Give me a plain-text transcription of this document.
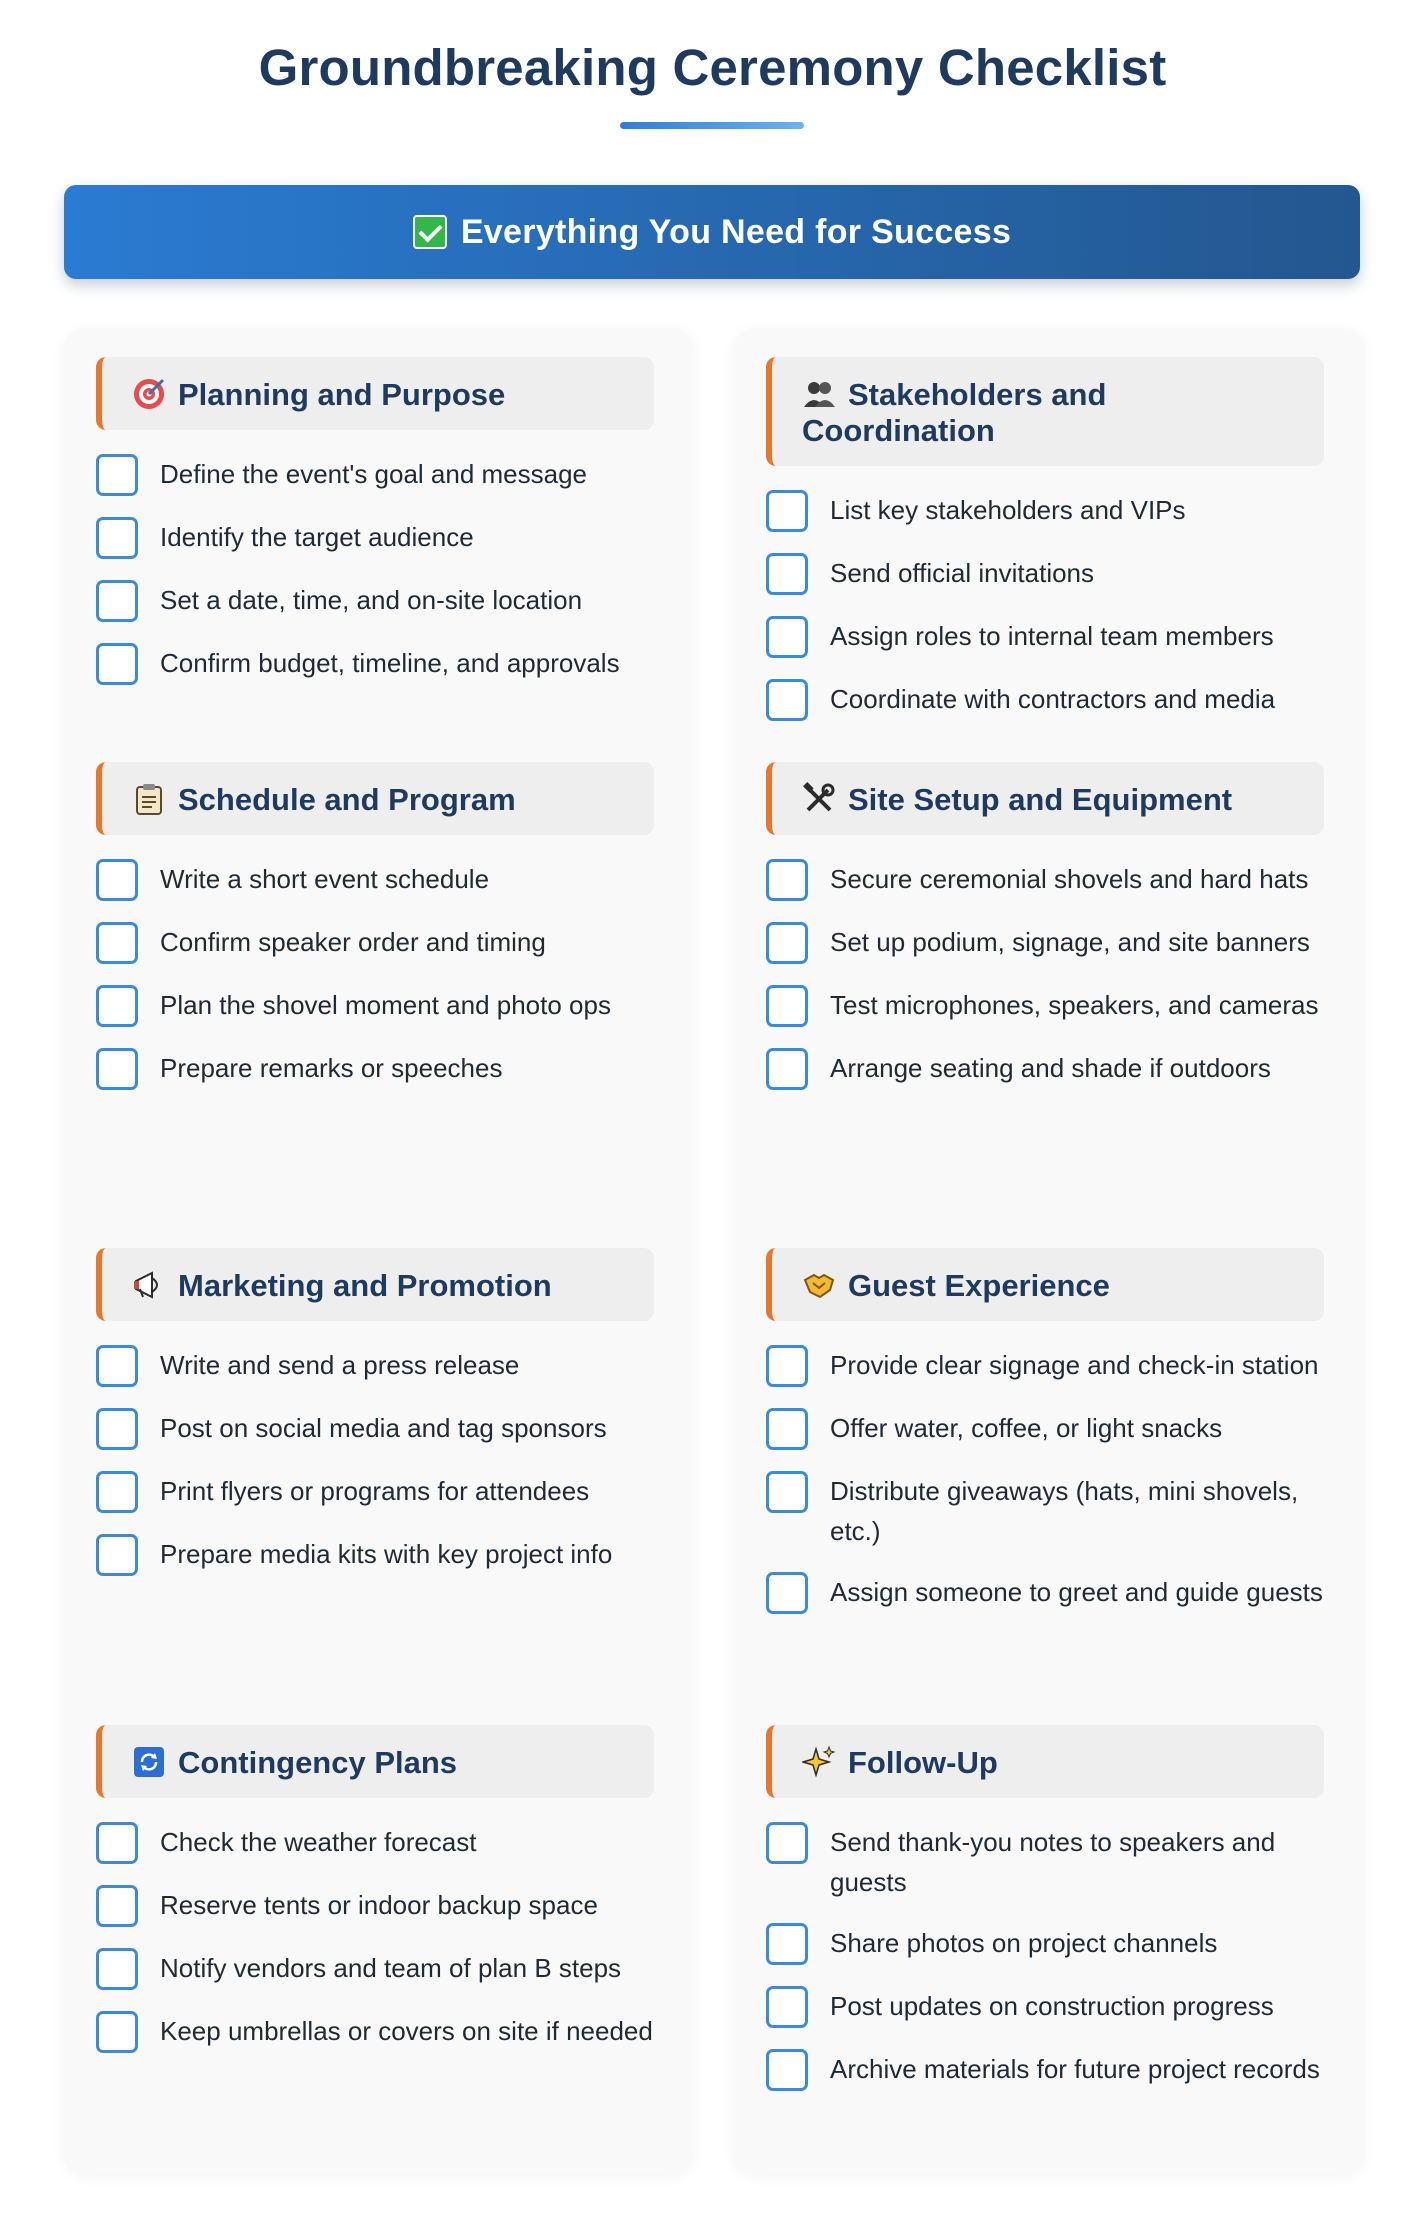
Groundbreaking Ceremony Checklist
Everything You Need for Success
Planning and Purpose
Define the event's goal and message
Identify the target audience
Set a date, time, and on-site location
Confirm budget, timeline, and approvals
Schedule and Program
Write a short event schedule
Confirm speaker order and timing
Plan the shovel moment and photo ops
Prepare remarks or speeches
Marketing and Promotion
Write and send a press release
Post on social media and tag sponsors
Print flyers or programs for attendees
Prepare media kits with key project info
Contingency Plans
Check the weather forecast
Reserve tents or indoor backup space
Notify vendors and team of plan B steps
Keep umbrellas or covers on site if needed
Stakeholders and Coordination
List key stakeholders and VIPs
Send official invitations
Assign roles to internal team members
Coordinate with contractors and media
Site Setup and Equipment
Secure ceremonial shovels and hard hats
Set up podium, signage, and site banners
Test microphones, speakers, and cameras
Arrange seating and shade if outdoors
Guest Experience
Provide clear signage and check-in station
Offer water, coffee, or light snacks
Distribute giveaways (hats, mini shovels, etc.)
Assign someone to greet and guide guests
Follow-Up
Send thank-you notes to speakers and guests
Share photos on project channels
Post updates on construction progress
Archive materials for future project records
